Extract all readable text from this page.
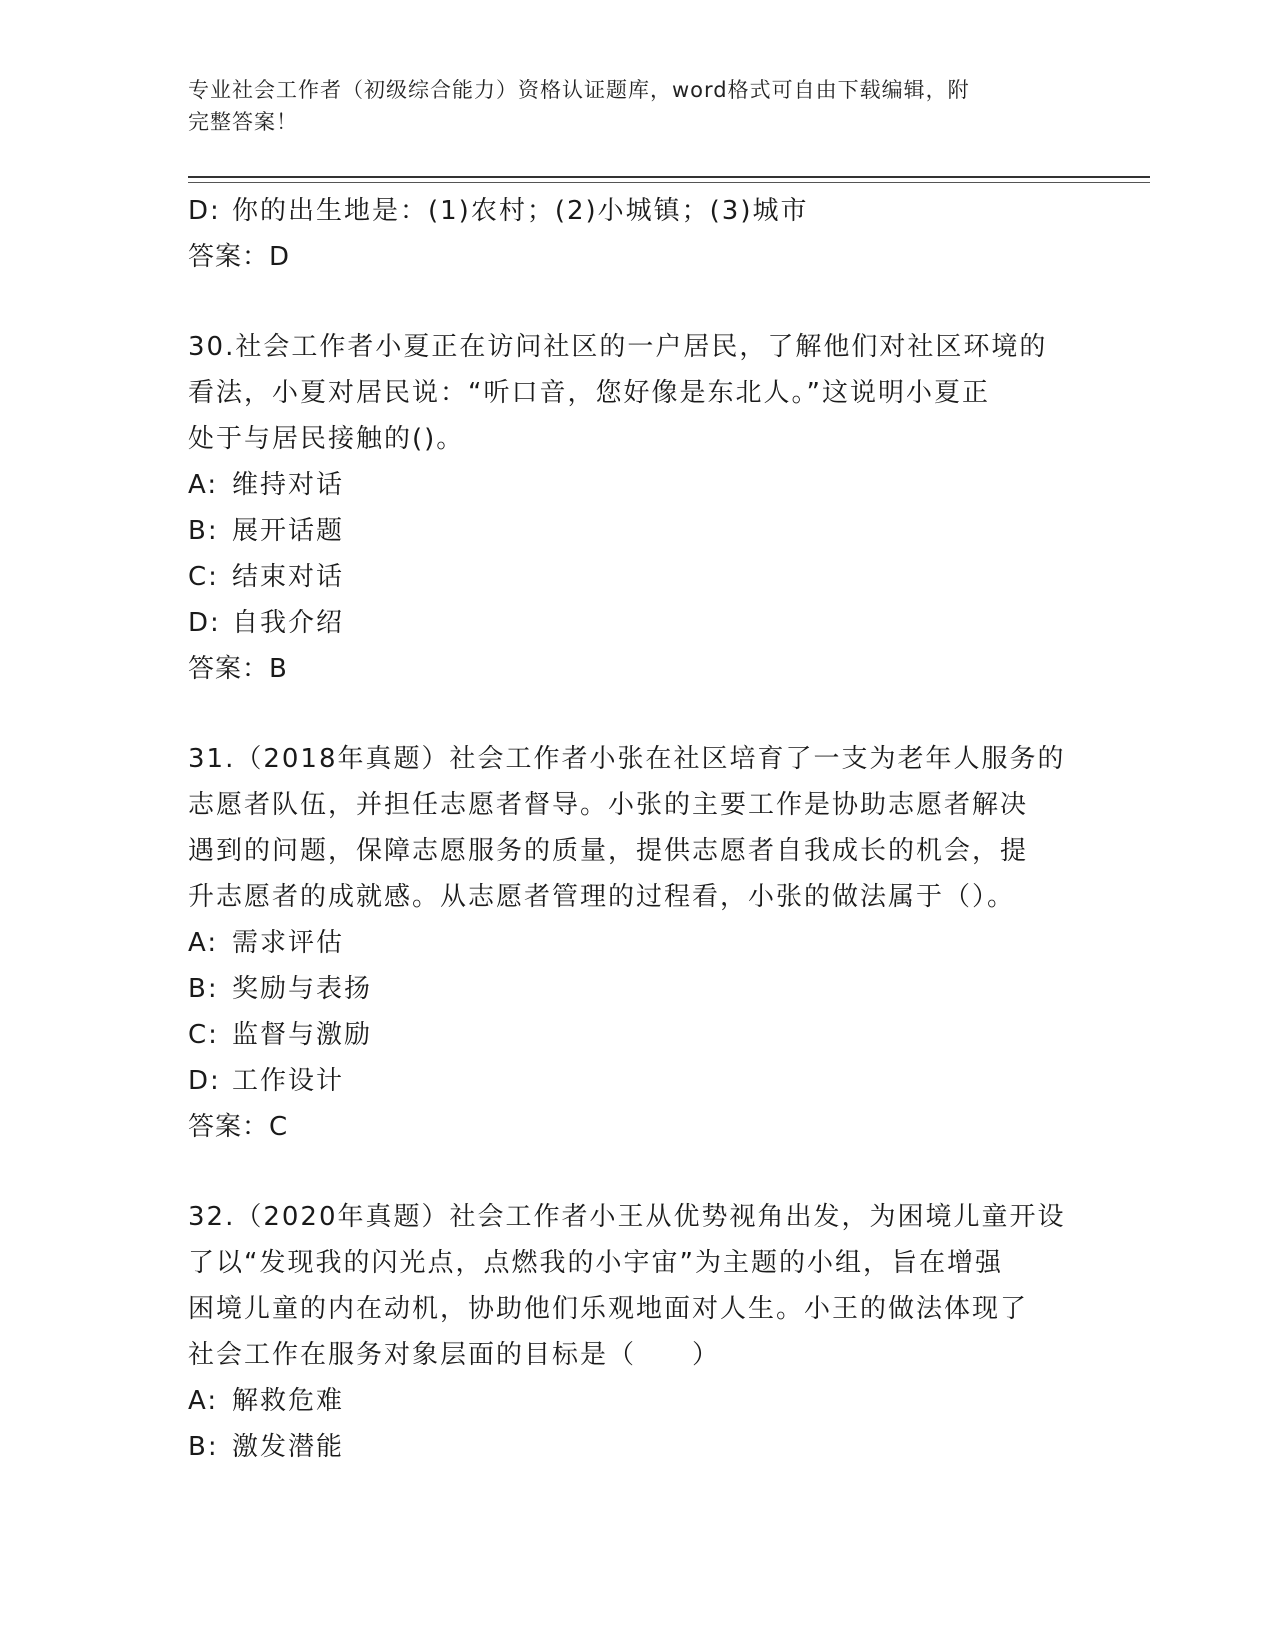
专业社会工作者（初级综合能力）资格认证题库，word格式可自由下载编辑，附
完整答案！
D: 你的出生地是：(1)农村；(2)小城镇；(3)城市
答案：D
30.社会工作者小夏正在访问社区的一户居民，了解他们对社区环境的
看法，小夏对居民说：“听口音，您好像是东北人。”这说明小夏正
处于与居民接触的()。
A: 维持对话
B: 展开话题
C: 结束对话
D: 自我介绍
答案：B
31.（2018年真题）社会工作者小张在社区培育了一支为老年人服务的
志愿者队伍，并担任志愿者督导。小张的主要工作是协助志愿者解决
遇到的问题，保障志愿服务的质量，提供志愿者自我成长的机会，提
升志愿者的成就感。从志愿者管理的过程看，小张的做法属于（）。
A: 需求评估
B: 奖励与表扬
C: 监督与激励
D: 工作设计
答案：C
32.（2020年真题）社会工作者小王从优势视角出发，为困境儿童开设
了以“发现我的闪光点，点燃我的小宇宙”为主题的小组，旨在增强
困境儿童的内在动机，协助他们乐观地面对人生。小王的做法体现了
社会工作在服务对象层面的目标是（　　）
A: 解救危难
B: 激发潜能
